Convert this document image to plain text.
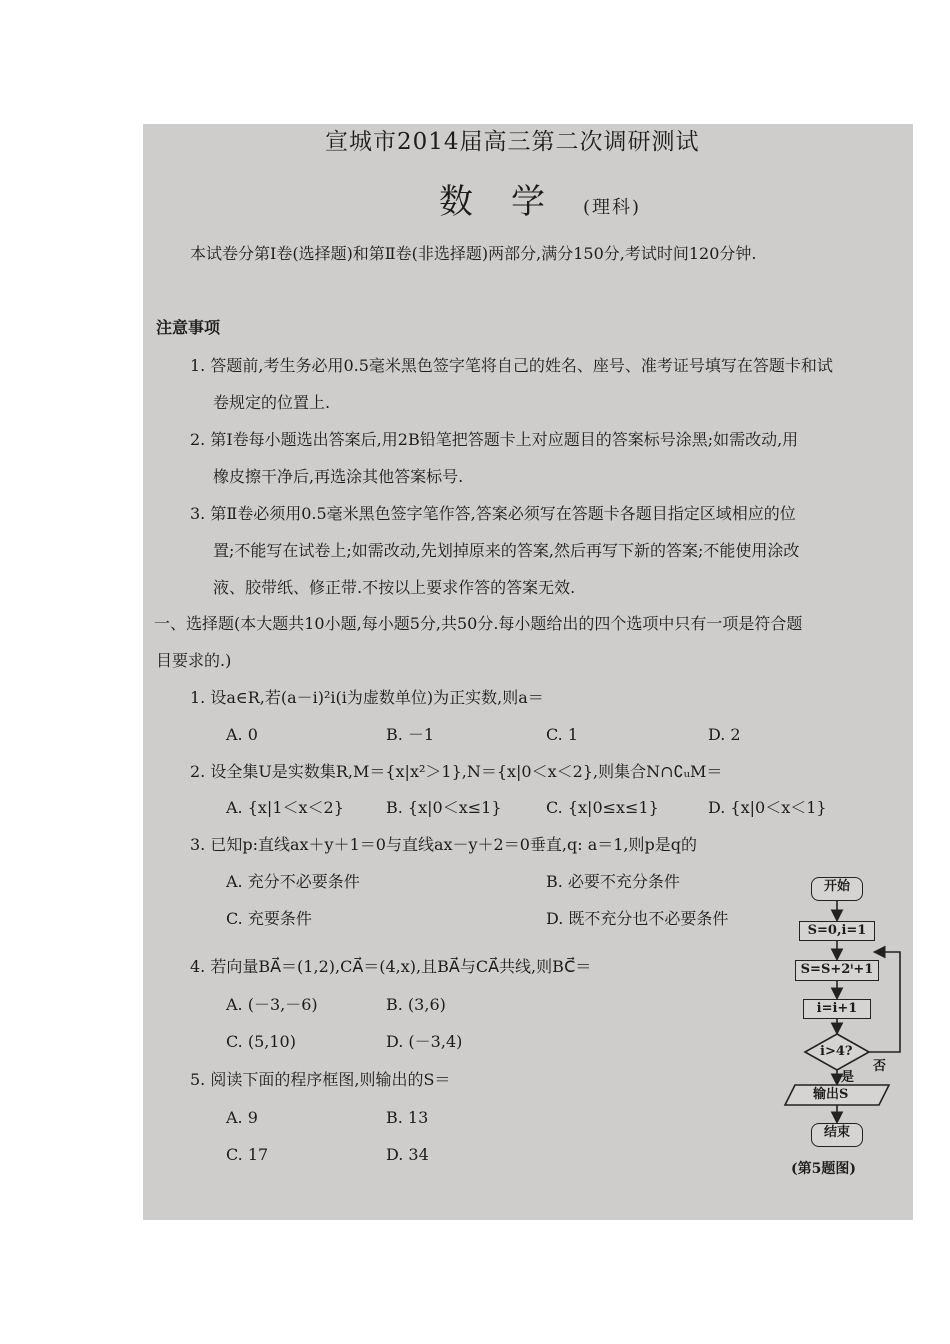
宣城市2014届高三第二次调研测试
数学(理科)
本试卷分第Ⅰ卷(选择题)和第Ⅱ卷(非选择题)两部分,满分150分,考试时间120分钟.
注意事项
1. 答题前,考生务必用0.5毫米黑色签字笔将自己的姓名、座号、准考证号填写在答题卡和试
卷规定的位置上.
2. 第Ⅰ卷每小题选出答案后,用2B铅笔把答题卡上对应题目的答案标号涂黑;如需改动,用
橡皮擦干净后,再选涂其他答案标号.
3. 第Ⅱ卷必须用0.5毫米黑色签字笔作答,答案必须写在答题卡各题目指定区域相应的位
置;不能写在试卷上;如需改动,先划掉原来的答案,然后再写下新的答案;不能使用涂改
液、胶带纸、修正带.不按以上要求作答的答案无效.
一、选择题(本大题共10小题,每小题5分,共50分.每小题给出的四个选项中只有一项是符合题
目要求的.)
1. 设a∈R,若(a－i)²i(i为虚数单位)为正实数,则a＝
A. 0	B. －1	C. 1	D. 2
2. 设全集U是实数集R,M＝{x|x²＞1},N＝{x|0＜x＜2},则集合N∩∁ᵤM＝
A. {x|1＜x＜2}	B. {x|0＜x≤1}	C. {x|0≤x≤1}	D. {x|0＜x＜1}
3. 已知p:直线ax＋y＋1＝0与直线ax－y＋2＝0垂直,q: a＝1,则p是q的
A. 充分不必要条件	B. 必要不充分条件
C. 充要条件	D. 既不充分也不必要条件
4. 若向量BA⃗＝(1,2),CA⃗＝(4,x),且BA⃗与CA⃗共线,则BC⃗＝
A. (－3,－6)	B. (3,6)
C. (5,10)	D. (－3,4)
5. 阅读下面的程序框图,则输出的S＝
A. 9	B. 13
C. 17	D. 34
开始
S=0,i=1
S=S+2ⁱ+1
i=i+1
i>4?
否
是
输出S
结束
(第5题图)
